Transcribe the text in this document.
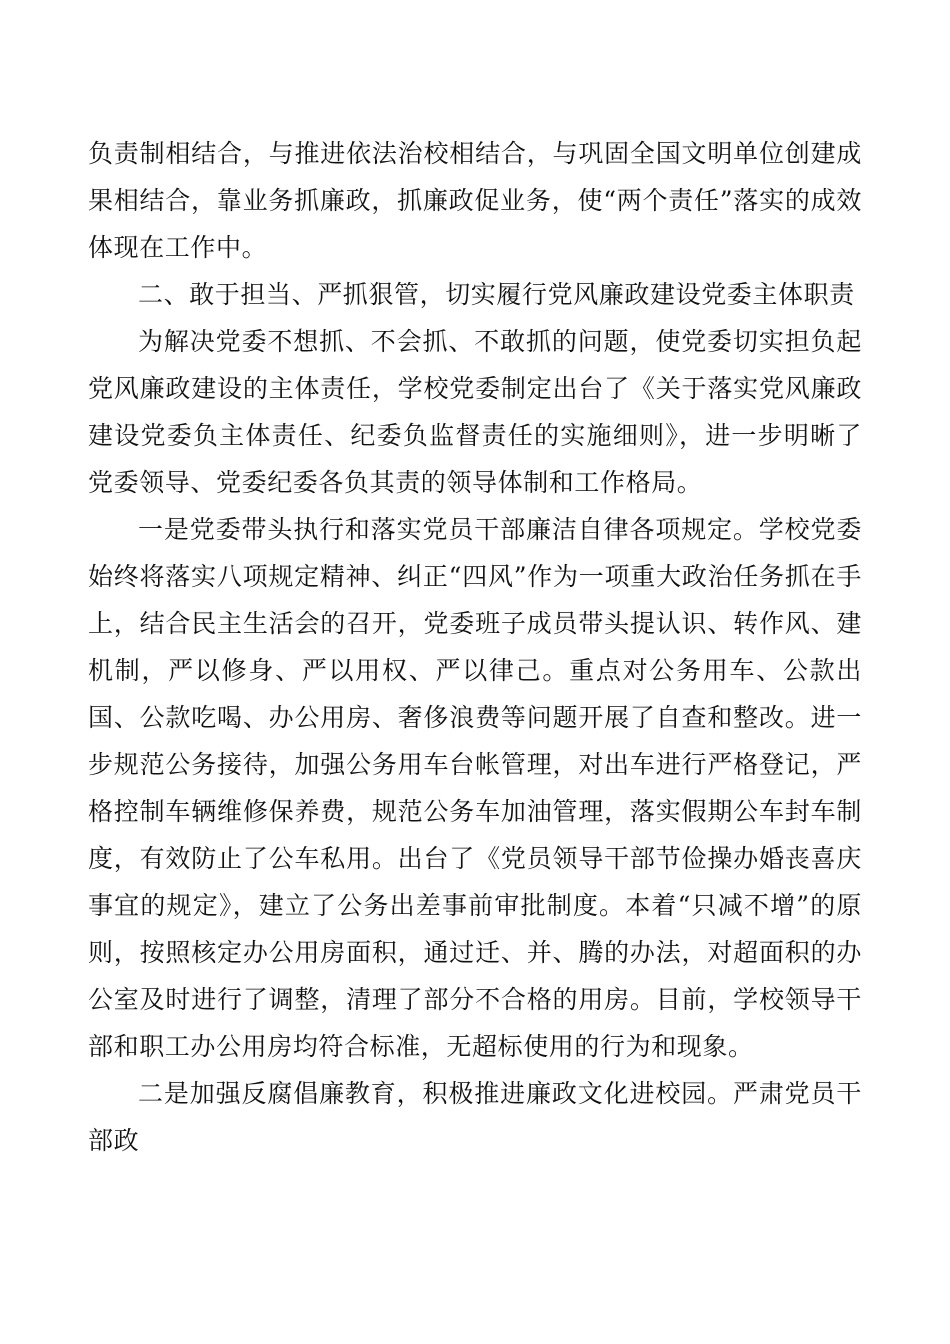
负责制相结合，与推进依法治校相结合，与巩固全国文明单位创建成果相结合，靠业务抓廉政，抓廉政促业务，使“两个责任”落实的成效体现在工作中。

二、敢于担当、严抓狠管，切实履行党风廉政建设党委主体职责

为解决党委不想抓、不会抓、不敢抓的问题，使党委切实担负起党风廉政建设的主体责任，学校党委制定出台了《关于落实党风廉政建设党委负主体责任、纪委负监督责任的实施细则》，进一步明晰了党委领导、党委纪委各负其责的领导体制和工作格局。

一是党委带头执行和落实党员干部廉洁自律各项规定。学校党委始终将落实八项规定精神、纠正“四风”作为一项重大政治任务抓在手上，结合民主生活会的召开，党委班子成员带头提认识、转作风、建机制，严以修身、严以用权、严以律己。重点对公务用车、公款出国、公款吃喝、办公用房、奢侈浪费等问题开展了自查和整改。进一步规范公务接待，加强公务用车台帐管理，对出车进行严格登记，严格控制车辆维修保养费，规范公务车加油管理，落实假期公车封车制度，有效防止了公车私用。出台了《党员领导干部节俭操办婚丧喜庆事宜的规定》，建立了公务出差事前审批制度。本着“只减不增”的原则，按照核定办公用房面积，通过迁、并、腾的办法，对超面积的办公室及时进行了调整，清理了部分不合格的用房。目前，学校领导干部和职工办公用房均符合标准，无超标使用的行为和现象。

二是加强反腐倡廉教育，积极推进廉政文化进校园。严肃党员干部政
